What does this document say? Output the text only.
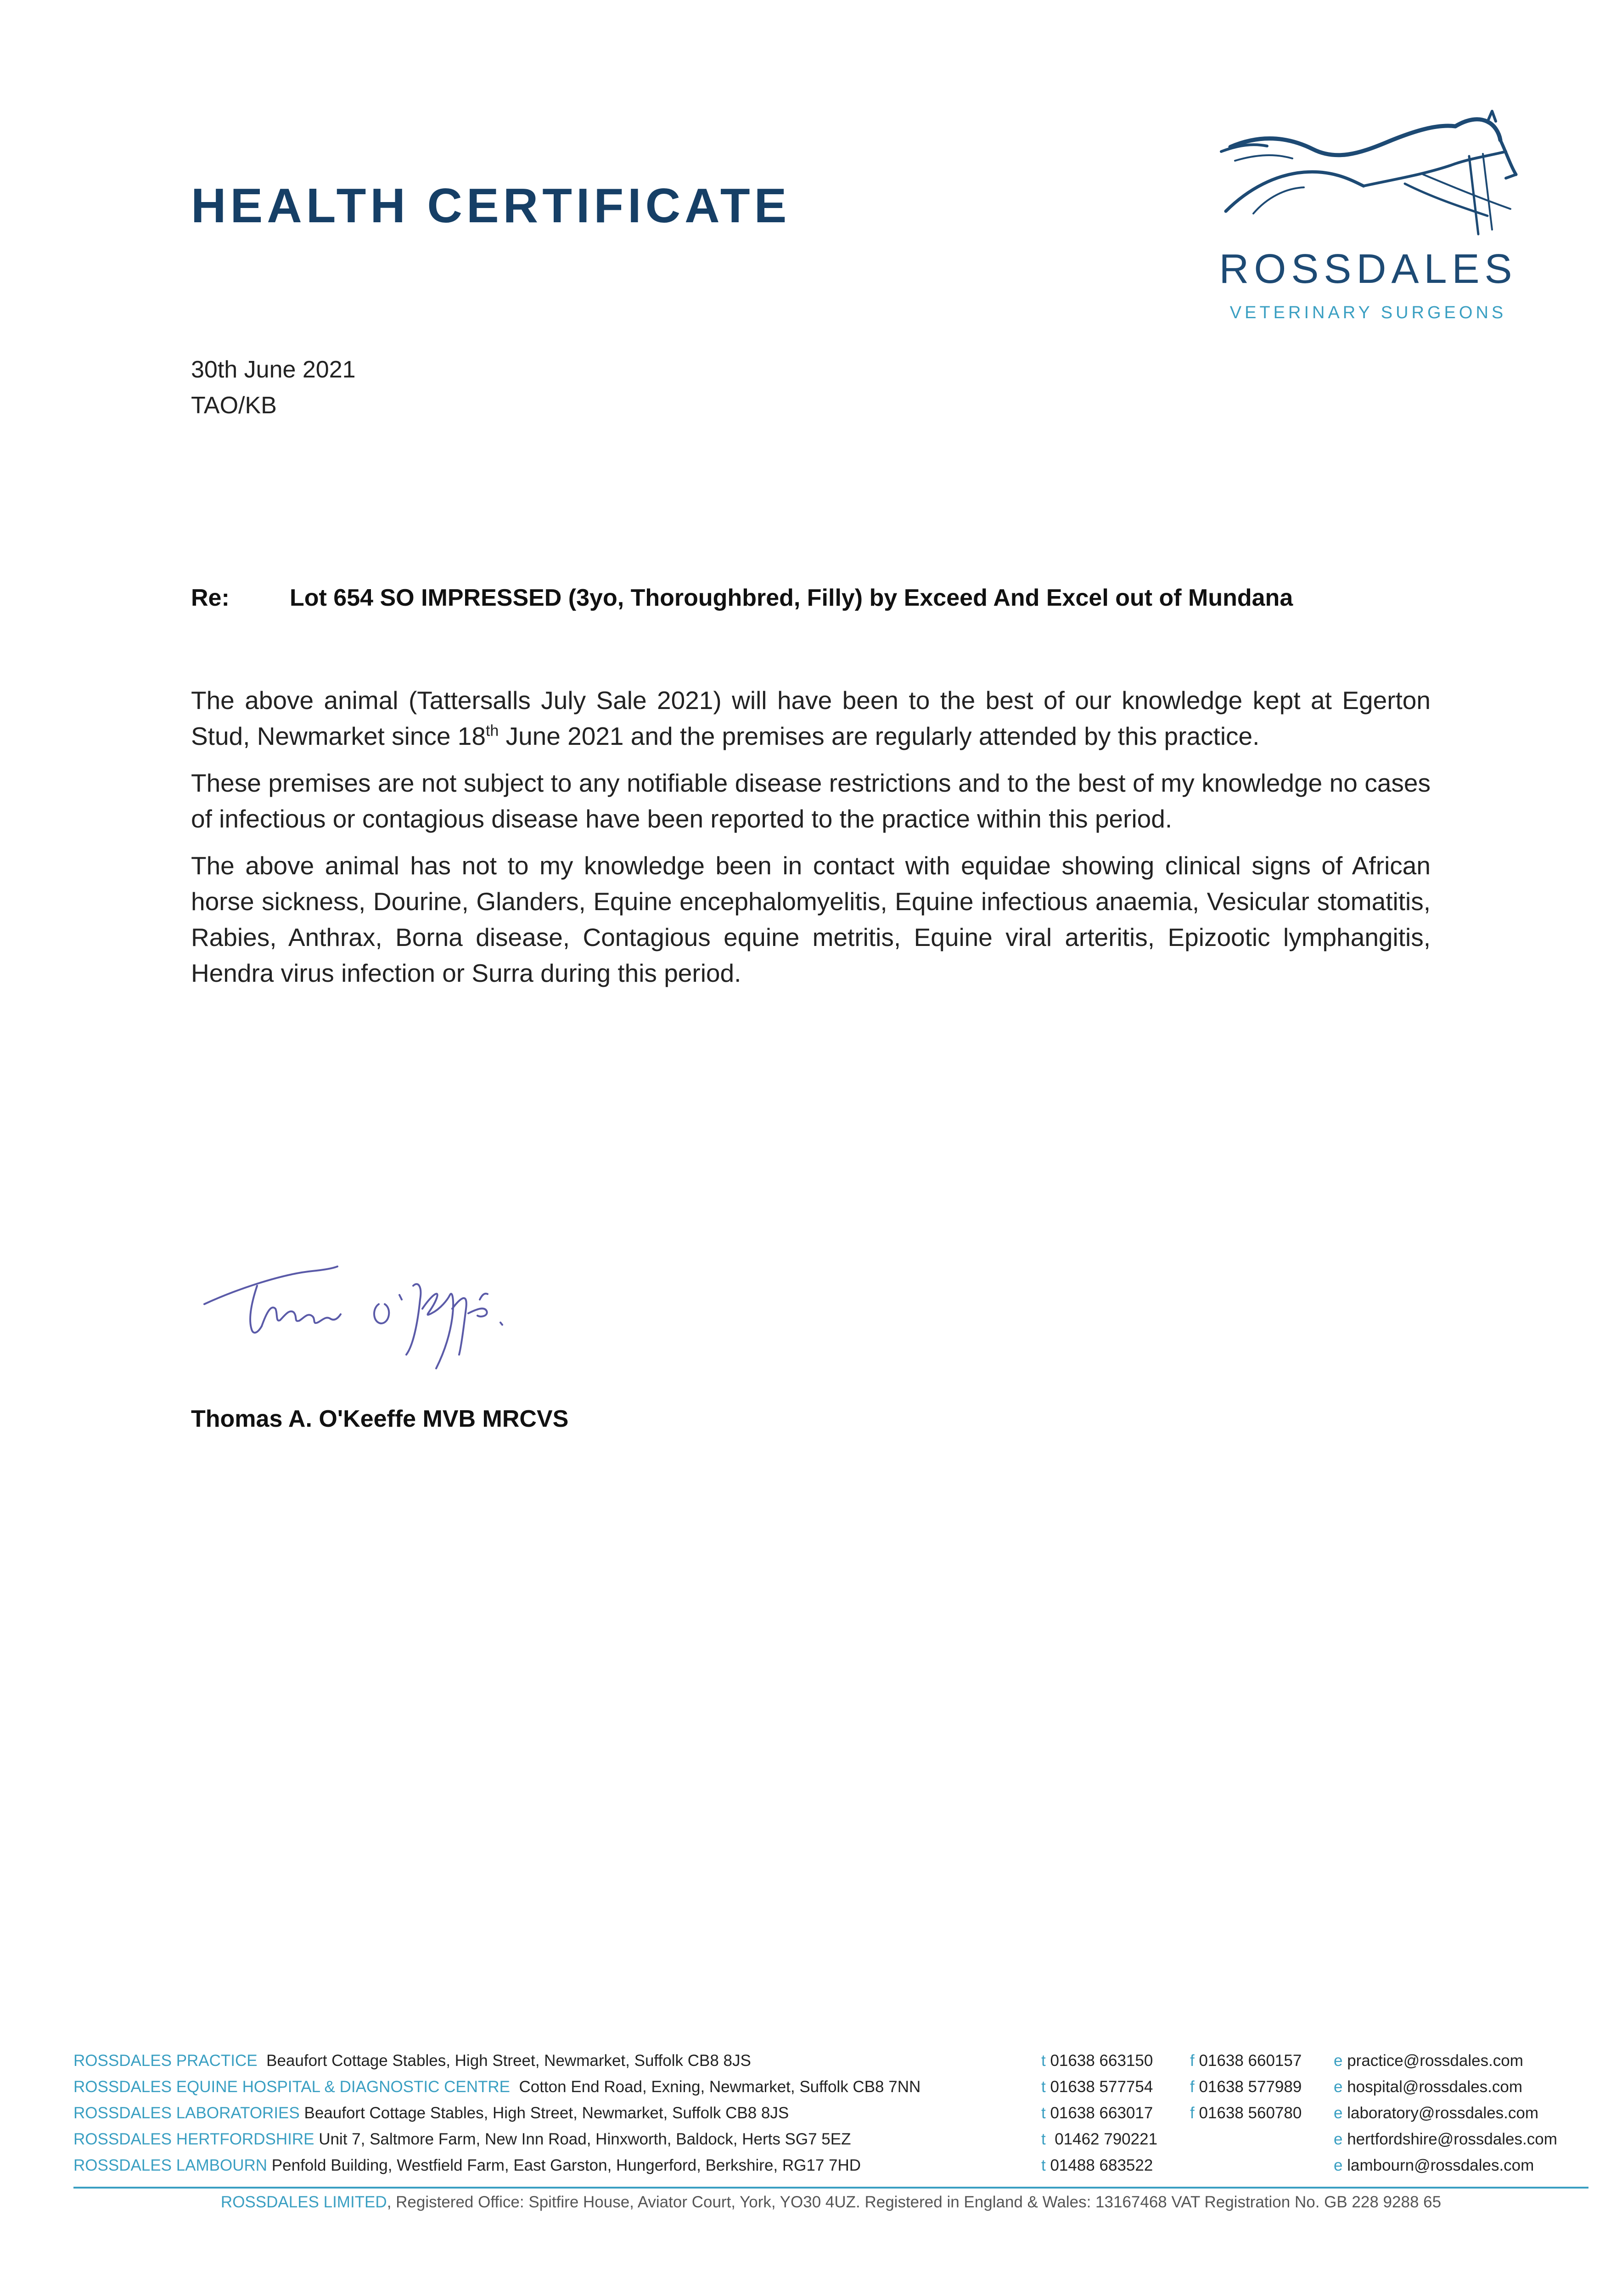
HEALTH CERTIFICATE
ROSSDALES
VETERINARY SURGEONS
30th June 2021
TAO/KB
Re:	Lot 654 SO IMPRESSED (3yo, Thoroughbred, Filly) by Exceed And Excel out of Mundana

The above animal (Tattersalls July Sale 2021) will have been to the best of our knowledge kept at Egerton Stud, Newmarket since 18th June 2021 and the premises are regularly attended by this practice.

These premises are not subject to any notifiable disease restrictions and to the best of my knowledge no cases of infectious or contagious disease have been reported to the practice within this period.

The above animal has not to my knowledge been in contact with equidae showing clinical signs of African horse sickness, Dourine, Glanders, Equine encephalomyelitis, Equine infectious anaemia, Vesicular stomatitis, Rabies, Anthrax, Borna disease, Contagious equine metritis, Equine viral arteritis, Epizootic lymphangitis, Hendra virus infection or Surra during this period.

Thomas A. O'Keeffe MVB MRCVS
ROSSDALES PRACTICE Beaufort Cottage Stables, High Street, Newmarket, Suffolk CB8 8JS	t 01638 663150 f 01638 660157 e practice@rossdales.com
ROSSDALES EQUINE HOSPITAL & DIAGNOSTIC CENTRE Cotton End Road, Exning, Newmarket, Suffolk CB8 7NN	t 01638 577754 f 01638 577989 e hospital@rossdales.com
ROSSDALES LABORATORIES Beaufort Cottage Stables, High Street, Newmarket, Suffolk CB8 8JS	t 01638 663017 f 01638 560780 e laboratory@rossdales.com
ROSSDALES HERTFORDSHIRE Unit 7, Saltmore Farm, New Inn Road, Hinxworth, Baldock, Herts SG7 5EZ	t 01462 790221	e hertfordshire@rossdales.com
ROSSDALES LAMBOURN Penfold Building, Westfield Farm, East Garston, Hungerford, Berkshire, RG17 7HD	t 01488 683522	e lambourn@rossdales.com
ROSSDALES LIMITED, Registered Office: Spitfire House, Aviator Court, York, YO30 4UZ. Registered in England & Wales: 13167468 VAT Registration No. GB 228 9288 65
